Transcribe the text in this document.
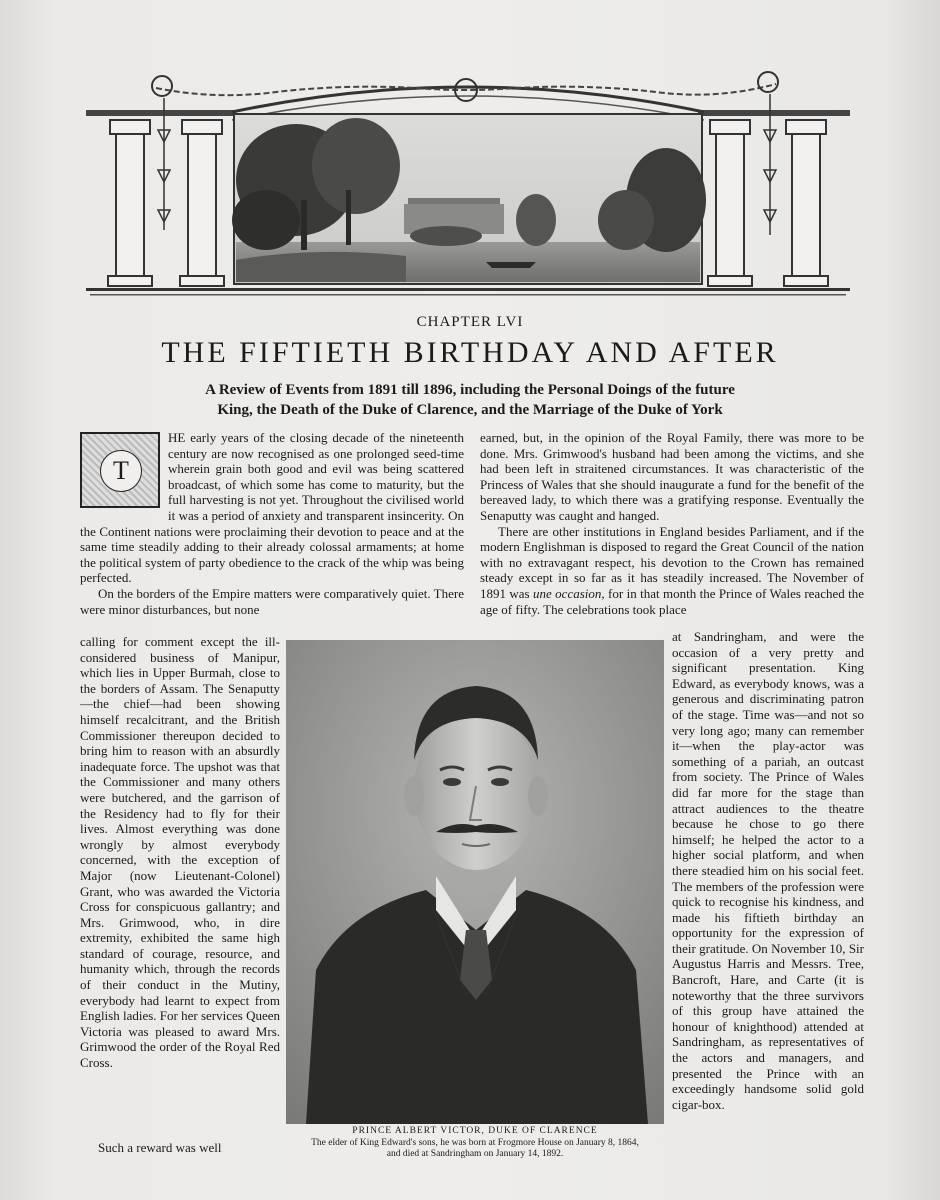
CHAPTER LVI
THE FIFTIETH BIRTHDAY AND AFTER
A Review of Events from 1891 till 1896, including the Personal Doings of the future
King, the Death of the Duke of Clarence, and the Marriage of the Duke of York
T

HE early years of the closing decade of the nineteenth century are now recognised as one prolonged seed-time wherein grain both good and evil was being scattered broadcast, of which some has come to maturity, but the full harvesting is not yet. Throughout the civilised world it was a period of anxiety and transparent insincerity. On the Continent nations were proclaiming their devotion to peace and at the same time steadily adding to their already colossal armaments; at home the political system of party obedience to the crack of the whip was being perfected.

On the borders of the Empire matters were comparatively quiet. There were minor disturbances, but none

earned, but, in the opinion of the Royal Family, there was more to be done. Mrs. Grimwood's husband had been among the victims, and she had been left in straitened circumstances. It was characteristic of the Princess of Wales that she should inaugurate a fund for the benefit of the bereaved lady, to which there was a gratifying response. Eventually the Senaputty was caught and hanged.

There are other institutions in England besides Parliament, and if the modern Englishman is disposed to regard the Great Council of the nation with no extravagant respect, his devotion to the Crown has remained steady except in so far as it has steadily increased. The November of 1891 was une occasion, for in that month the Prince of Wales reached the age of fifty. The celebrations took place

calling for comment except the ill-considered business of Manipur, which lies in Upper Burmah, close to the borders of Assam. The Senaputty—the chief—had been showing himself recalcitrant, and the British Commissioner thereupon decided to bring him to reason with an absurdly inadequate force. The upshot was that the Commissioner and many others were butchered, and the garrison of the Residency had to fly for their lives. Almost everything was done wrongly by almost everybody concerned, with the exception of Major (now Lieutenant-Colonel) Grant, who was awarded the Victoria Cross for conspicuous gallantry; and Mrs. Grimwood, who, in dire extremity, exhibited the same high standard of courage, resource, and humanity which, through the records of their conduct in the Mutiny, everybody had learnt to expect from English ladies. For her services Queen Victoria was pleased to award Mrs. Grimwood the order of the Royal Red Cross.

Such a reward was well

PRINCE ALBERT VICTOR, DUKE OF CLARENCE
The elder of King Edward's sons, he was born at Frogmore House on January 8, 1864,
and died at Sandringham on January 14, 1892.

at Sandringham, and were the occasion of a very pretty and significant presentation. King Edward, as everybody knows, was a generous and discriminating patron of the stage. Time was—and not so very long ago; many can remember it—when the play-actor was something of a pariah, an outcast from society. The Prince of Wales did far more for the stage than attract audiences to the theatre because he chose to go there himself; he helped the actor to a higher social platform, and when there steadied him on his social feet. The members of the profession were quick to recognise his kindness, and made his fiftieth birthday an opportunity for the expression of their gratitude. On November 10, Sir Augustus Harris and Messrs. Tree, Bancroft, Hare, and Carte (it is noteworthy that the three survivors of this group have attained the honour of knighthood) attended at Sandringham, as representatives of the actors and managers, and presented the Prince with an exceedingly handsome solid gold cigar-box.
